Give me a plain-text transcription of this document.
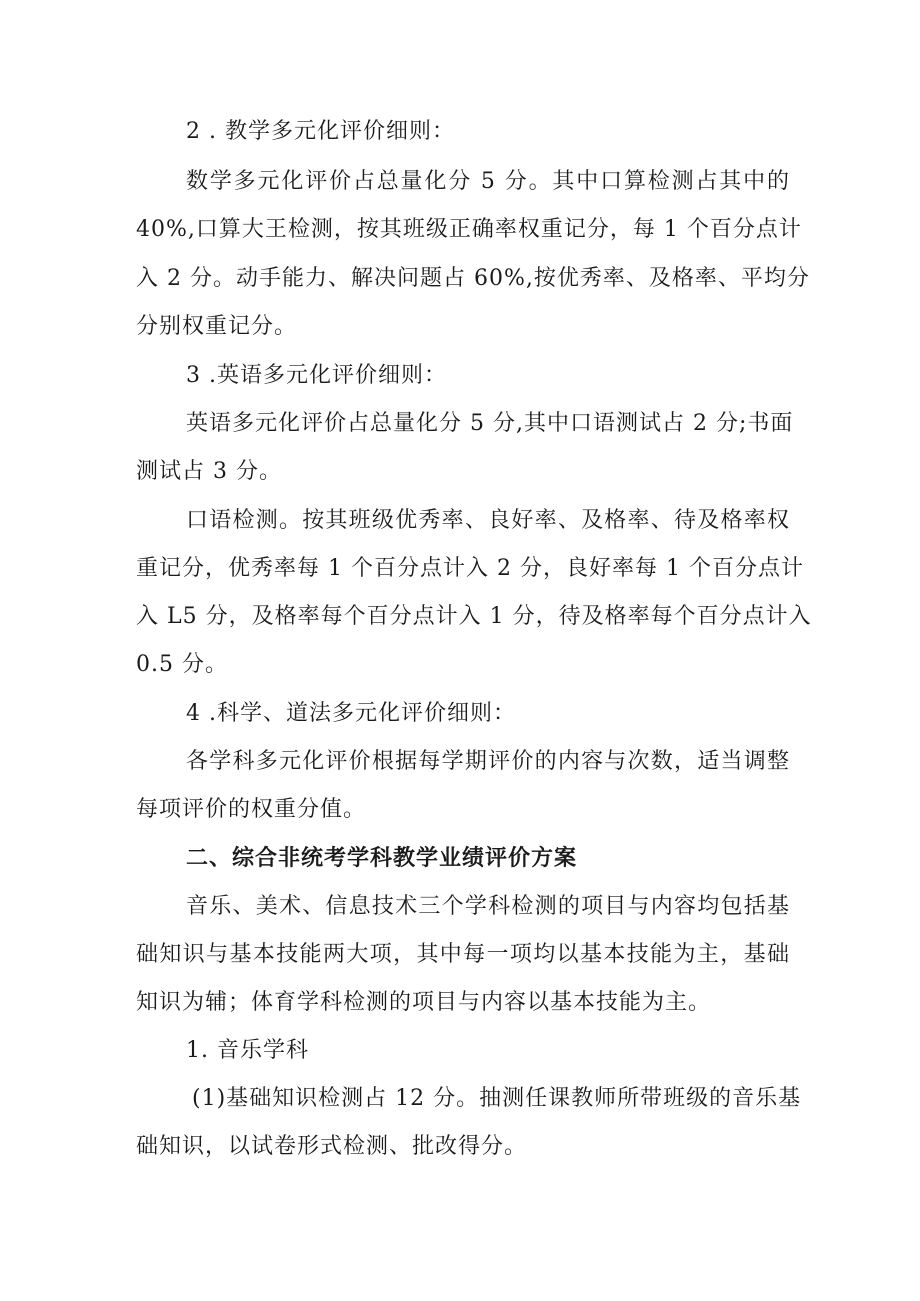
2 . 教学多元化评价细则：
数学多元化评价占总量化分 5 分。其中口算检测占其中的
40%,口算大王检测，按其班级正确率权重记分，每 1 个百分点计
入 2 分。动手能力、解决问题占 60%,按优秀率、及格率、平均分
分别权重记分。
3 .英语多元化评价细则：
英语多元化评价占总量化分 5 分,其中口语测试占 2 分;书面
测试占 3 分。
口语检测。按其班级优秀率、良好率、及格率、待及格率权
重记分，优秀率每 1 个百分点计入 2 分，良好率每 1 个百分点计
入 L5 分，及格率每个百分点计入 1 分，待及格率每个百分点计入
0.5 分。
4 .科学、道法多元化评价细则：
各学科多元化评价根据每学期评价的内容与次数，适当调整
每项评价的权重分值。
二、综合非统考学科教学业绩评价方案
音乐、美术、信息技术三个学科检测的项目与内容均包括基
础知识与基本技能两大项，其中每一项均以基本技能为主，基础
知识为辅；体育学科检测的项目与内容以基本技能为主。
1. 音乐学科
(1)基础知识检测占 12 分。抽测任课教师所带班级的音乐基
础知识，以试卷形式检测、批改得分。
